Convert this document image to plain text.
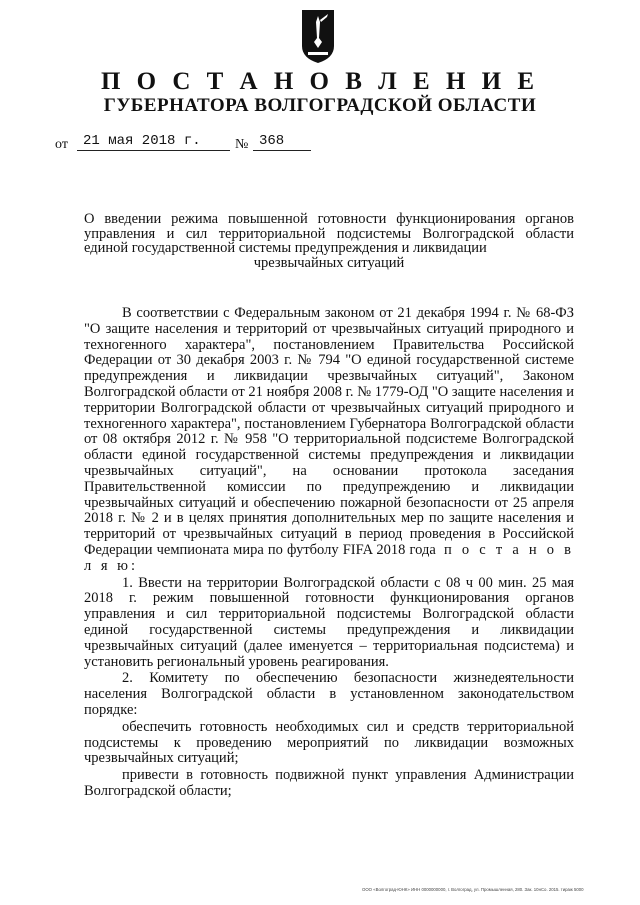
П О С Т А Н О В Л Е Н И Е
ГУБЕРНАТОРА ВОЛГОГРАДСКОЙ ОБЛАСТИ
от 21 мая 2018 г. № 368
О введении режима повышенной готовности функционирования органов управления и сил территориальной подсистемы Волгоградской области единой государственной системы предупреждения и ликвидации
чрезвычайных ситуаций

В соответствии с Федеральным законом от 21 декабря 1994 г. № 68-ФЗ "О защите населения и территорий от чрезвычайных ситуаций природного и техногенного характера", постановлением Правительства Российской Федерации от 30 декабря 2003 г. № 794 "О единой государственной системе предупреждения и ликвидации чрезвычайных ситуаций", Законом Волгоградской области от 21 ноября 2008 г. № 1779-ОД "О защите населения и территории Волгоградской области от чрезвычайных ситуаций природного и техногенного характера", постановлением Губернатора Волгоградской области от 08 октября 2012 г. № 958 "О территориальной подсистеме Волгоградской области единой государственной системы предупреждения и ликвидации чрезвычайных ситуаций", на основании протокола заседания Правительственной комиссии по предупреждению и ликвидации чрезвычайных ситуаций и обеспечению пожарной безопасности от 25 апреля 2018 г. № 2 и в целях принятия дополнительных мер по защите населения и территорий от чрезвычайных ситуаций в период проведения в Российской Федерации чемпионата мира по футболу FIFA 2018 года п о с т а н о в л я ю:

1. Ввести на территории Волгоградской области с 08 ч 00 мин. 25 мая 2018 г. режим повышенной готовности функционирования органов управления и сил территориальной подсистемы Волгоградской области единой государственной системы предупреждения и ликвидации чрезвычайных ситуаций (далее именуется – территориальная подсистема) и установить региональный уровень реагирования.

2. Комитету по обеспечению безопасности жизнедеятельности населения Волгоградской области в установленном законодательством порядке:

обеспечить готовность необходимых сил и средств территориальной подсистемы к проведению мероприятий по ликвидации возможных чрезвычайных ситуаций;

привести в готовность подвижной пункт управления Администрации Волгоградской области;

ООО «Волгоград-ЮНК» ИНН 0000000000, г. Волгоград, ул. Промышленная, 280. Зак. 10нСо. 2015. тираж 5000
